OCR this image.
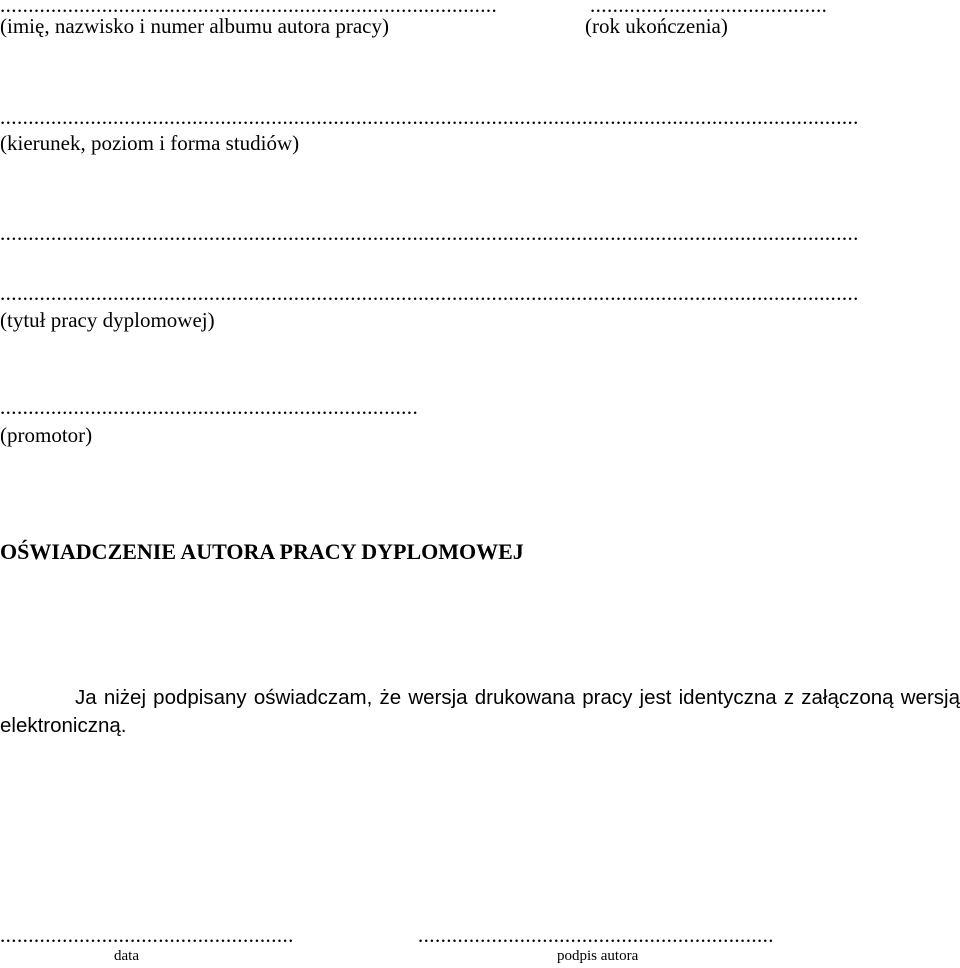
........................................................................................
(imię, nazwisko i numer albumu autora pracy)
..........................................
(rok ukończenia)
........................................................................................................................................................
(kierunek, poziom i forma studiów)
........................................................................................................................................................
........................................................................................................................................................
(tytuł pracy dyplomowej)
..........................................................................
(promotor)
OŚWIADCZENIE AUTORA PRACY DYPLOMOWEJ

Ja niżej podpisany oświadczam, że wersja drukowana pracy jest identyczna z załączoną wersją elektroniczną.

....................................................
data
...............................................................
podpis autora
